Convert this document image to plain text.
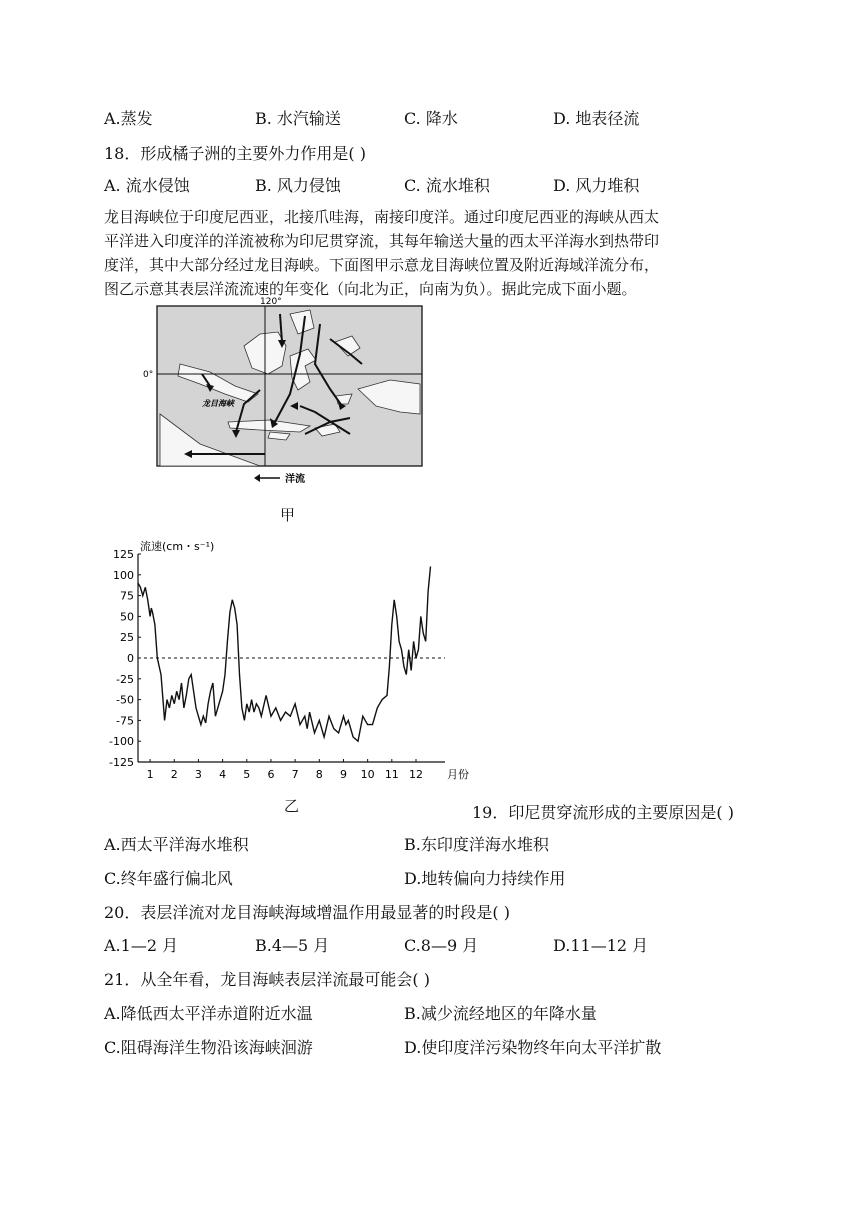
A.蒸发	B. 水汽输送	C. 降水	D. 地表径流
18．形成橘子洲的主要外力作用是( )
A. 流水侵蚀	B. 风力侵蚀	C. 流水堆积	D. 风力堆积
龙目海峡位于印度尼西亚，北接爪哇海，南接印度洋。通过印度尼西亚的海峡从西太
平洋进入印度洋的洋流被称为印尼贯穿流，其每年输送大量的西太平洋海水到热带印
度洋，其中大部分经过龙目海峡。下面图甲示意龙目海峡位置及附近海域洋流分布，
图乙示意其表层洋流流速的年变化（向北为正，向南为负）。据此完成下面小题。
120°
0°
龙目海峡
洋流
甲
125
100
75
50
25
0
-25
-50
-75
-100
-125
1 2 3 4 5 6 7 8 9 10 11 12
流速(cm・s⁻¹)
月份
乙	19．印尼贯穿流形成的主要原因是( )
A.西太平洋海水堆积	B.东印度洋海水堆积
C.终年盛行偏北风	D.地转偏向力持续作用
20．表层洋流对龙目海峡海域增温作用最显著的时段是( )
A.1—2 月	B.4—5 月	C.8—9 月	D.11—12 月
21．从全年看，龙目海峡表层洋流最可能会( )
A.降低西太平洋赤道附近水温	B.减少流经地区的年降水量
C.阻碍海洋生物沿该海峡洄游	D.使印度洋污染物终年向太平洋扩散
